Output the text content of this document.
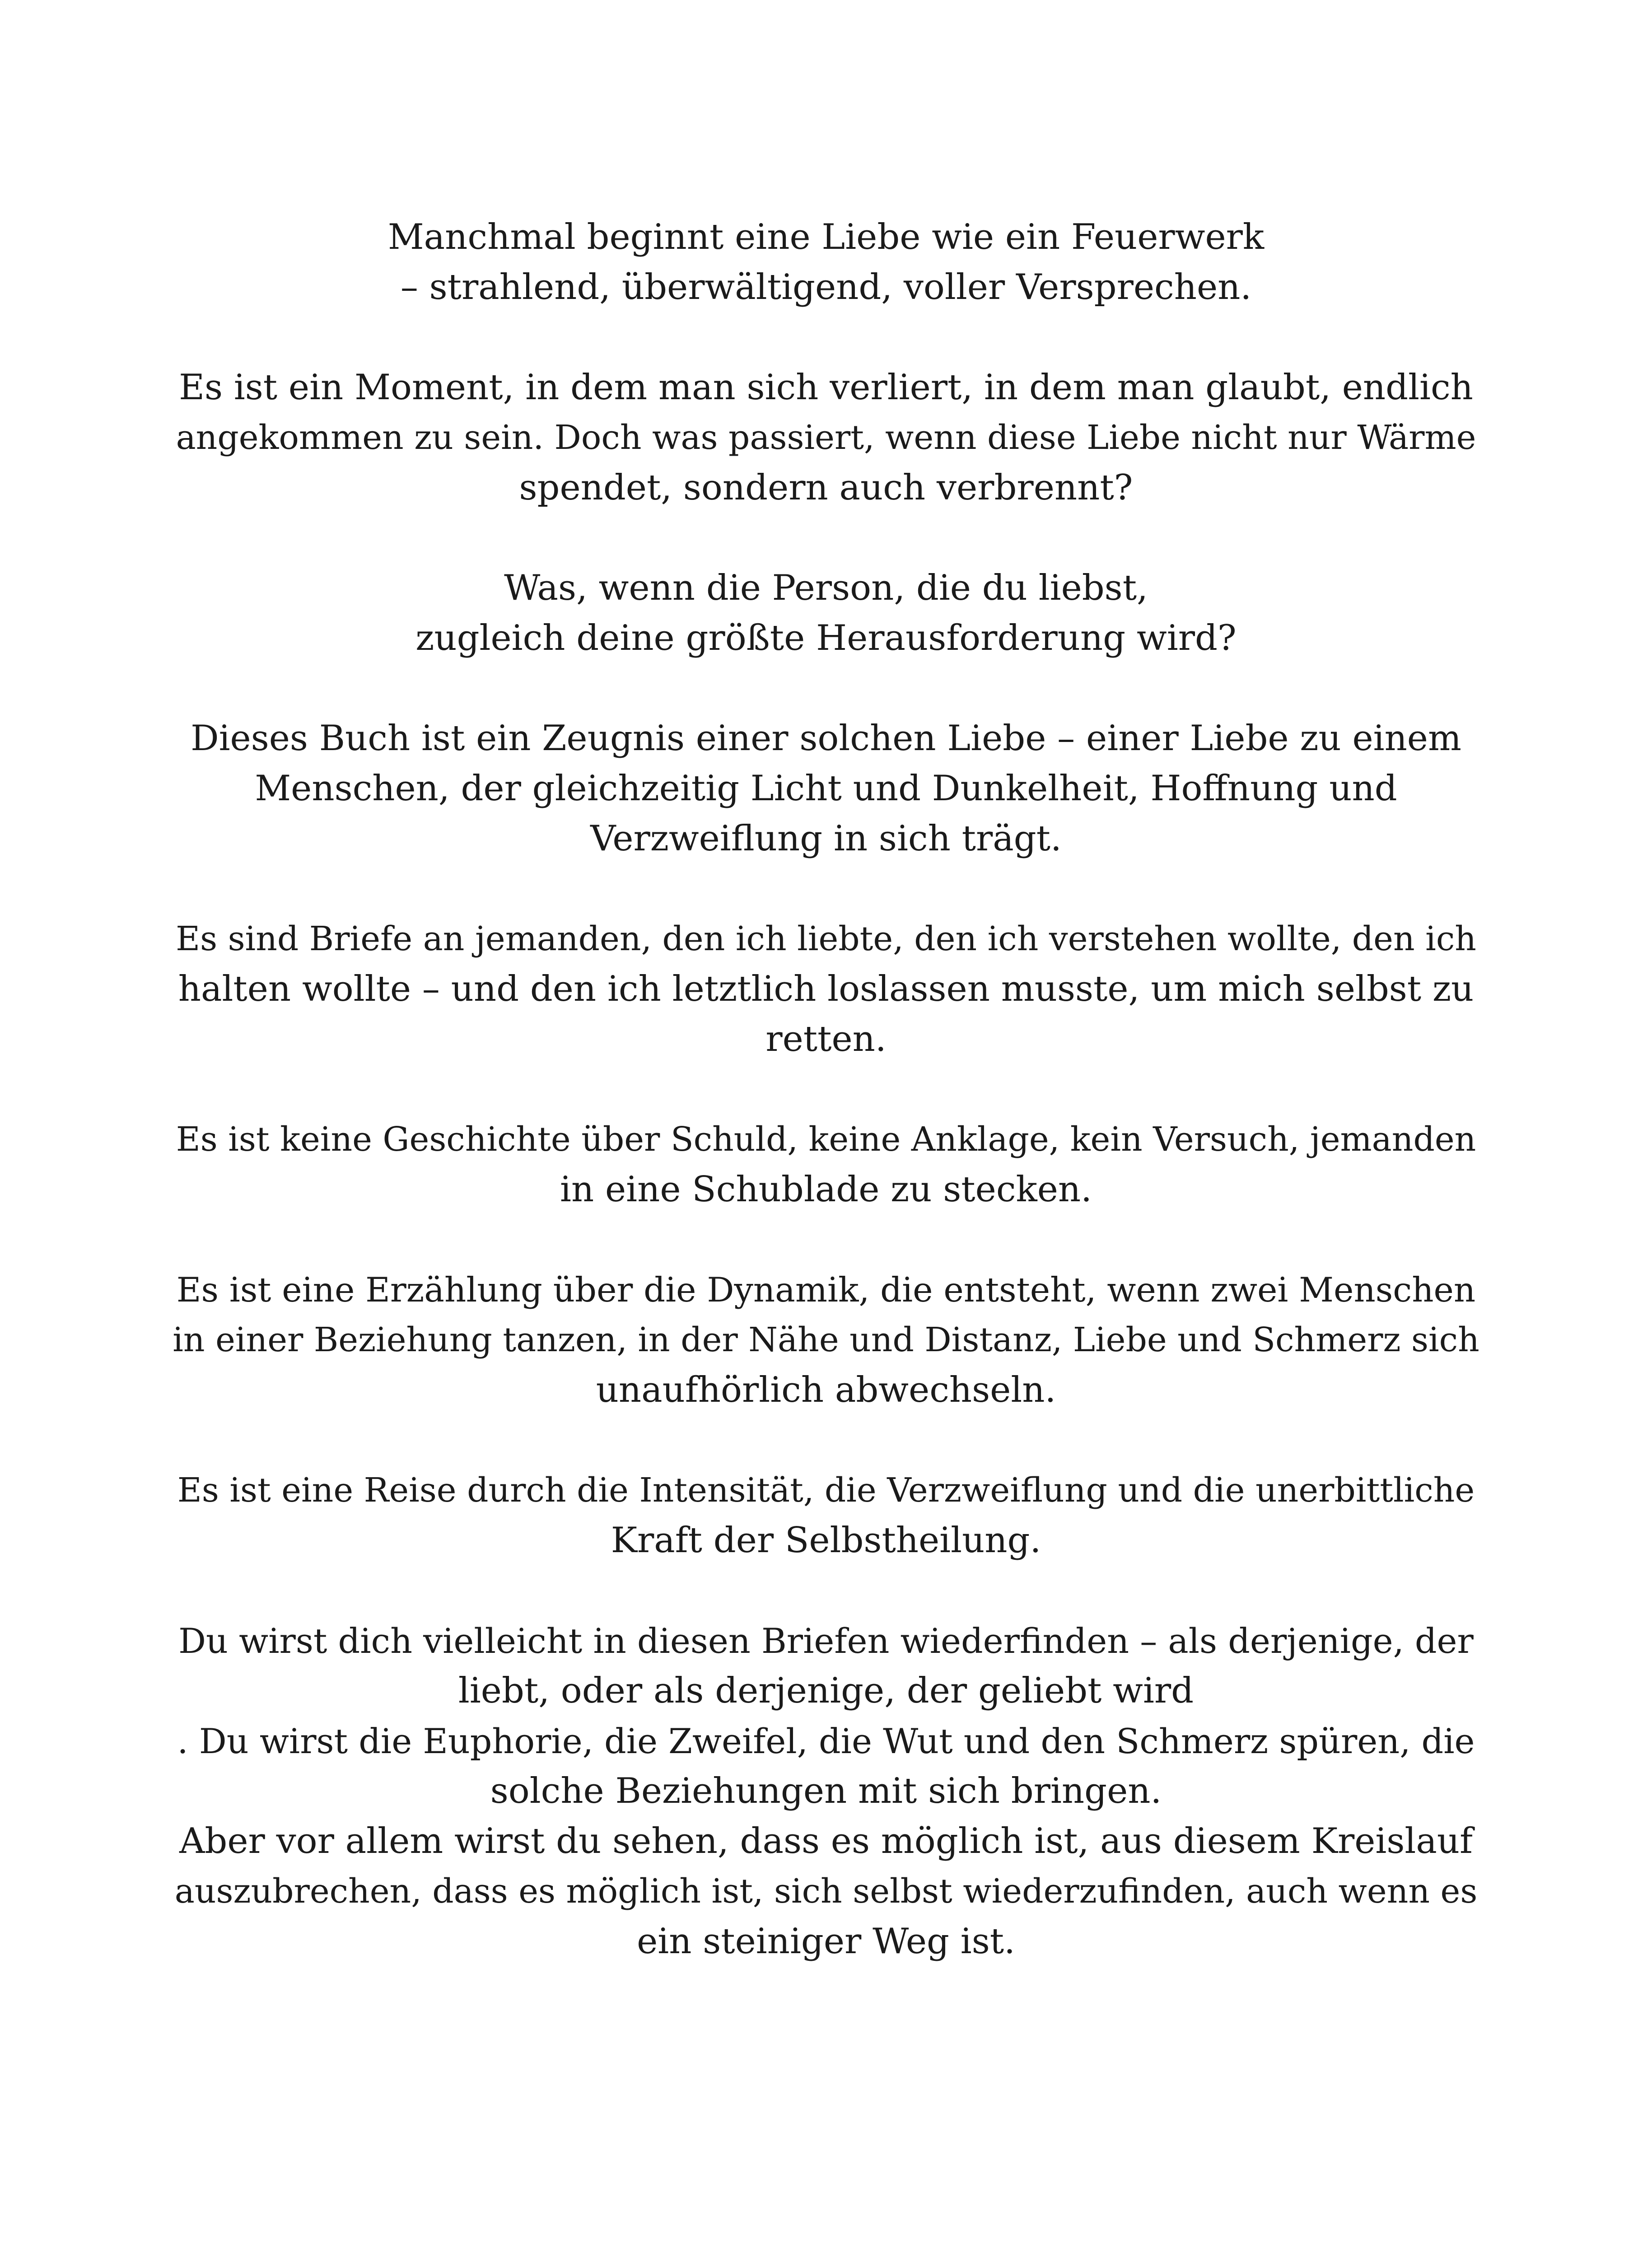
Manchmal beginnt eine Liebe wie ein Feuerwerk
– strahlend, überwältigend, voller Versprechen.

Es ist ein Moment, in dem man sich verliert, in dem man glaubt, endlich
angekommen zu sein. Doch was passiert, wenn diese Liebe nicht nur Wärme
spendet, sondern auch verbrennt?

Was, wenn die Person, die du liebst,
zugleich deine größte Herausforderung wird?

Dieses Buch ist ein Zeugnis einer solchen Liebe – einer Liebe zu einem
Menschen, der gleichzeitig Licht und Dunkelheit, Hoffnung und
Verzweiflung in sich trägt.

Es sind Briefe an jemanden, den ich liebte, den ich verstehen wollte, den ich
halten wollte – und den ich letztlich loslassen musste, um mich selbst zu
retten.

Es ist keine Geschichte über Schuld, keine Anklage, kein Versuch, jemanden
in eine Schublade zu stecken.

Es ist eine Erzählung über die Dynamik, die entsteht, wenn zwei Menschen
in einer Beziehung tanzen, in der Nähe und Distanz, Liebe und Schmerz sich
unaufhörlich abwechseln.

Es ist eine Reise durch die Intensität, die Verzweiflung und die unerbittliche
Kraft der Selbstheilung.

Du wirst dich vielleicht in diesen Briefen wiederfinden – als derjenige, der
liebt, oder als derjenige, der geliebt wird
. Du wirst die Euphorie, die Zweifel, die Wut und den Schmerz spüren, die
solche Beziehungen mit sich bringen.
Aber vor allem wirst du sehen, dass es möglich ist, aus diesem Kreislauf
auszubrechen, dass es möglich ist, sich selbst wiederzufinden, auch wenn es
ein steiniger Weg ist.
